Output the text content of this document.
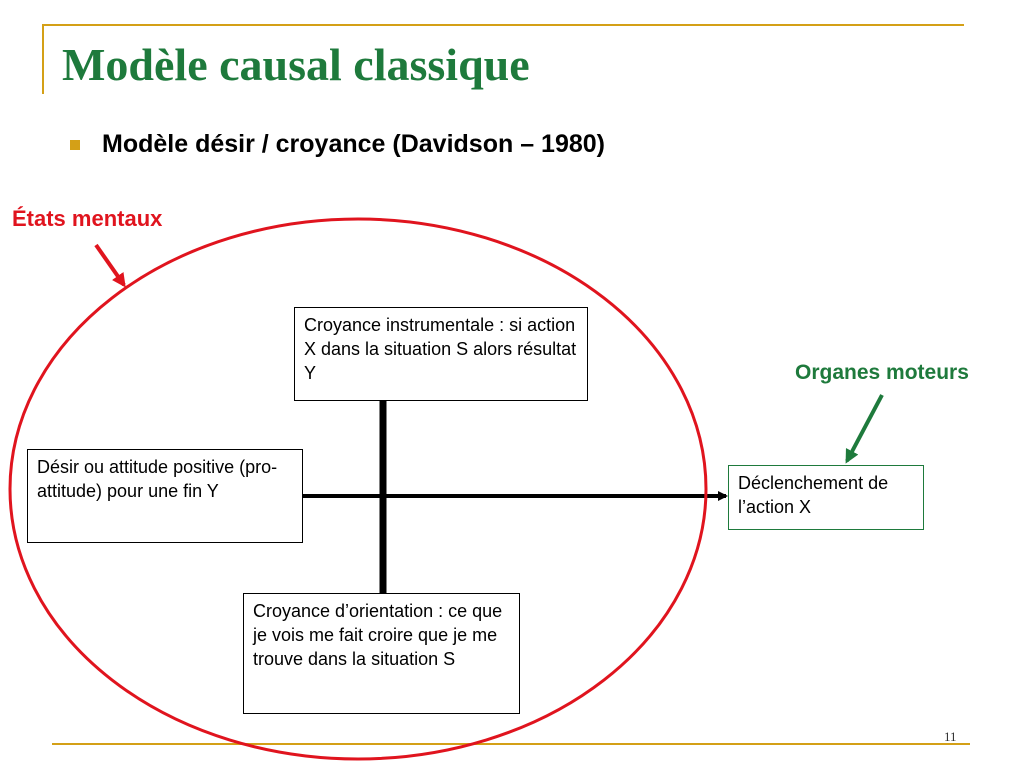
Modèle causal classique
Modèle désir / croyance (Davidson – 1980)
Croyance instrumentale : si action X dans la situation S alors résultat Y
Désir ou attitude positive (pro-attitude) pour une fin Y
Croyance d’orientation : ce que je vois me fait croire que je me trouve dans la situation S
Déclenchement de l’action X
États mentaux
Organes moteurs
11
